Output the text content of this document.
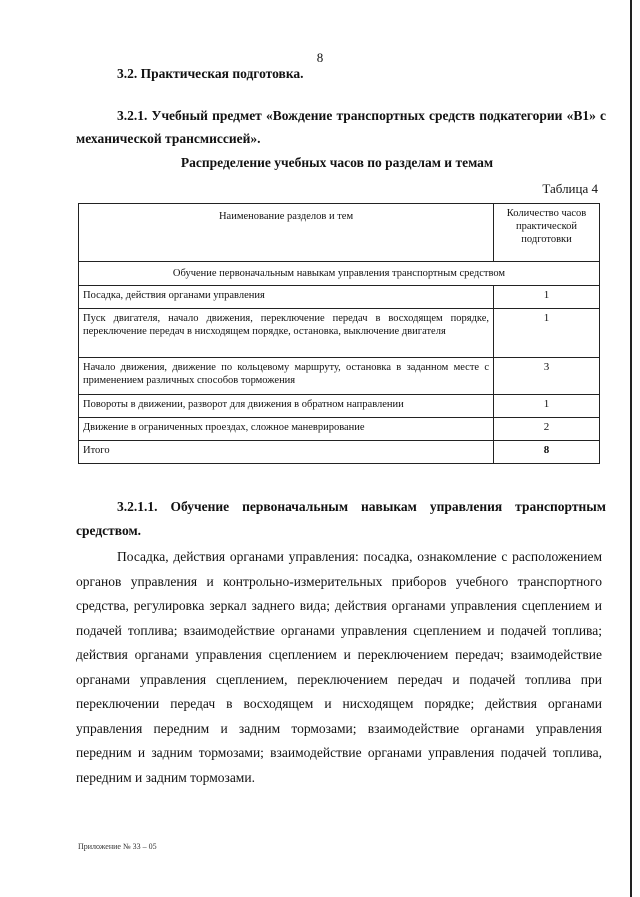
8
3.2. Практическая подготовка.
3.2.1. Учебный предмет «Вождение транспортных средств подкатегории «B1» с механической трансмиссией».
Распределение учебных часов по разделам и темам
Таблица 4
Наименование разделов и тем	Количество часов практической подготовки
Обучение первоначальным навыкам управления транспортным средством	
Посадка, действия органами управления	1
Пуск двигателя, начало движения, переключение передач в восходящем порядке, переключение передач в нисходящем порядке, остановка, выключение двигателя	1
Начало движения, движение по кольцевому маршруту, остановка в заданном месте с применением различных способов торможения	3
Повороты в движении, разворот для движения в обратном направлении	1
Движение в ограниченных проездах, сложное маневрирование	2
Итого	8
3.2.1.1. Обучение первоначальным навыкам управления транспортным средством.
Посадка, действия органами управления: посадка, ознакомление с расположением органов управления и контрольно-измерительных приборов учебного транспортного средства, регулировка зеркал заднего вида; действия органами управления сцеплением и подачей топлива; взаимодействие органами управления сцеплением и подачей топлива; действия органами управления сцеплением и переключением передач; взаимодействие органами управления сцеплением, переключением передач и подачей топлива при переключении передач в восходящем и нисходящем порядке; действия органами управления передним и задним тормозами; взаимодействие органами управления передним и задним тормозами; взаимодействие органами управления подачей топлива, передним и задним тормозами.
Приложение № 33 – 05
